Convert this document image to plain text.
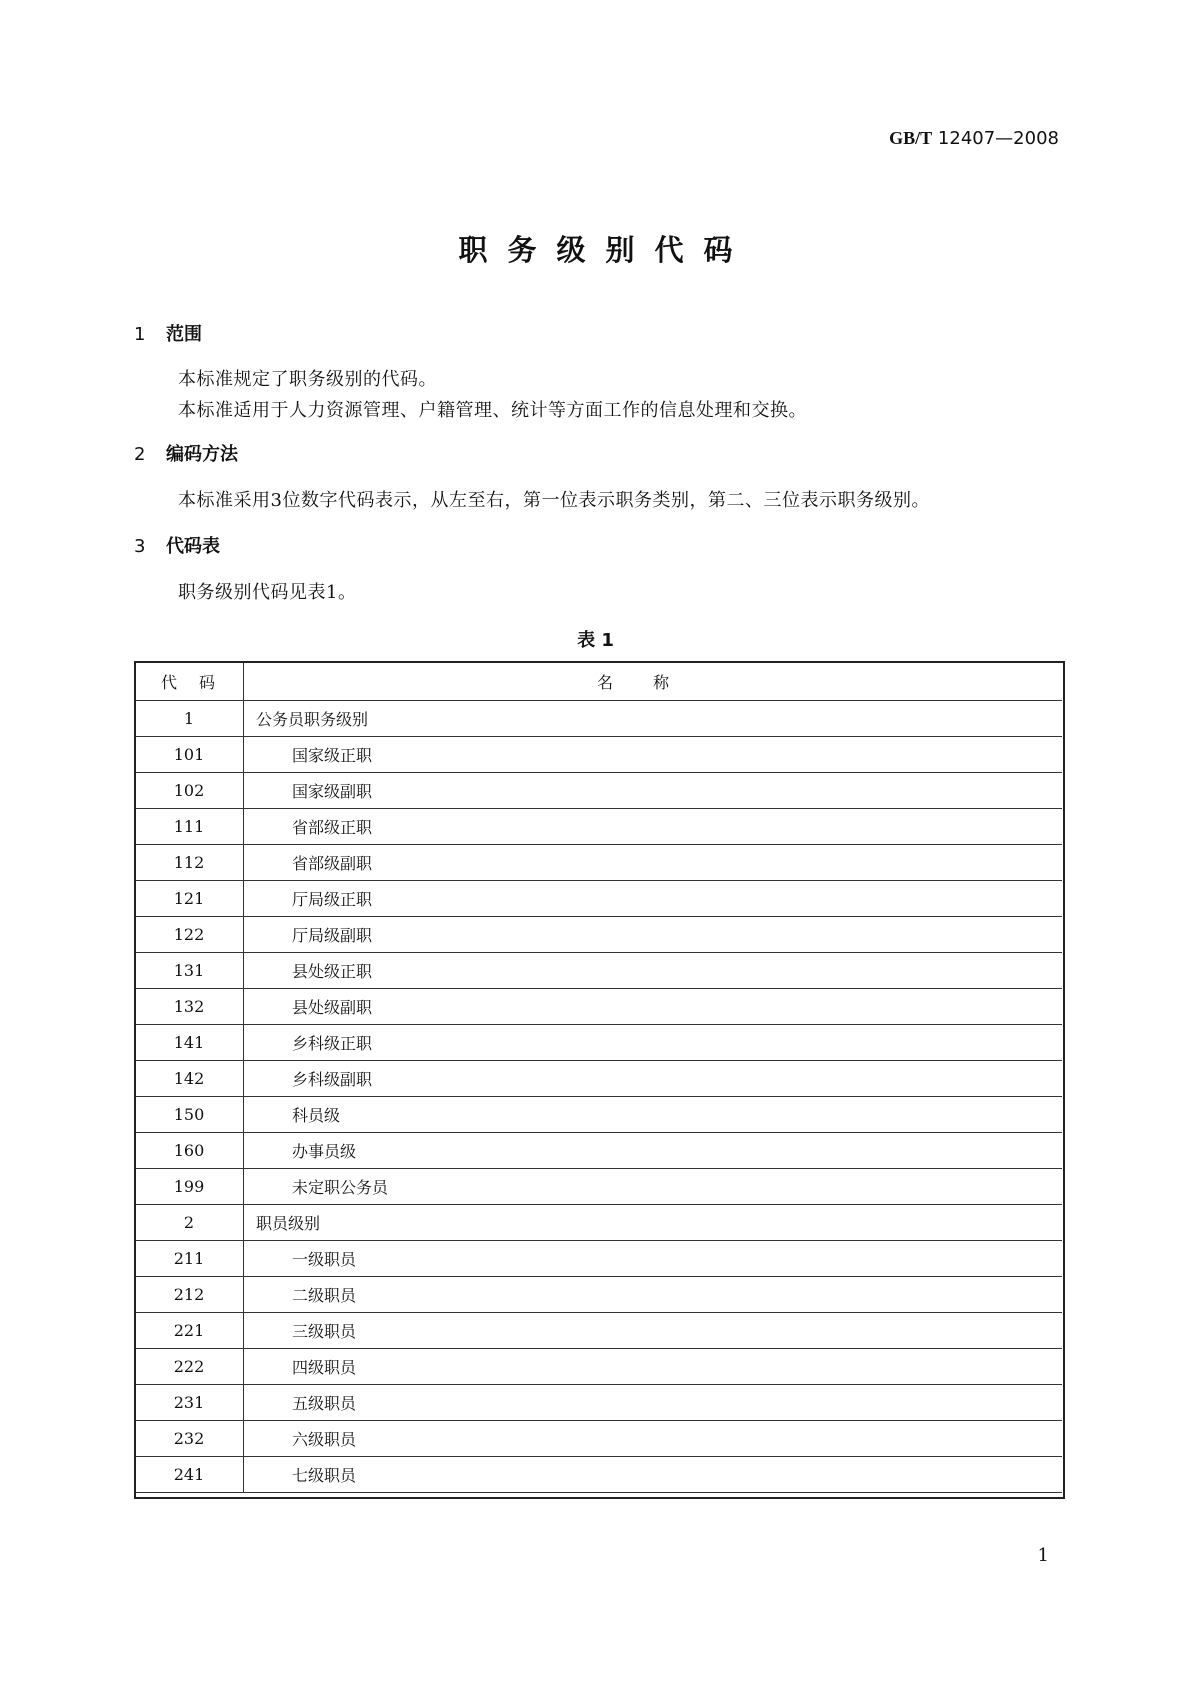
GB/T 12407—2008
职务级别代码
1 范围
本标准规定了职务级别的代码。
本标准适用于人力资源管理、户籍管理、统计等方面工作的信息处理和交换。
2 编码方法
本标准采用3位数字代码表示，从左至右，第一位表示职务类别，第二、三位表示职务级别。
3 代码表
职务级别代码见表1。
表 1
代码	名称
1	公务员职务级别
101	国家级正职
102	国家级副职
111	省部级正职
112	省部级副职
121	厅局级正职
122	厅局级副职
131	县处级正职
132	县处级副职
141	乡科级正职
142	乡科级副职
150	科员级
160	办事员级
199	未定职公务员
2	职员级别
211	一级职员
212	二级职员
221	三级职员
222	四级职员
231	五级职员
232	六级职员
241	七级职员
1
